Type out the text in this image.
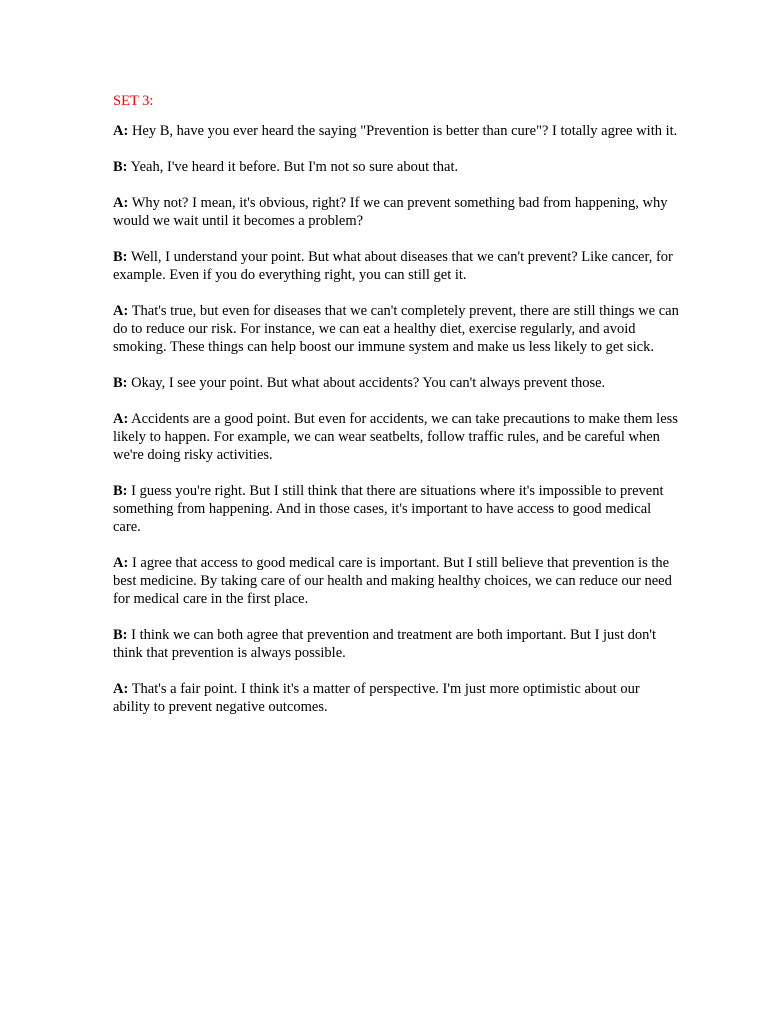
SET 3:

A: Hey B, have you ever heard the saying "Prevention is better than cure"? I totally agree with it.

B: Yeah, I've heard it before. But I'm not so sure about that.

A: Why not? I mean, it's obvious, right? If we can prevent something bad from happening, why would we wait until it becomes a problem?

B: Well, I understand your point. But what about diseases that we can't prevent? Like cancer, for example. Even if you do everything right, you can still get it.

A: That's true, but even for diseases that we can't completely prevent, there are still things we can do to reduce our risk. For instance, we can eat a healthy diet, exercise regularly, and avoid smoking. These things can help boost our immune system and make us less likely to get sick.

B: Okay, I see your point. But what about accidents? You can't always prevent those.

A: Accidents are a good point. But even for accidents, we can take precautions to make them less likely to happen. For example, we can wear seatbelts, follow traffic rules, and be careful when we're doing risky activities.

B: I guess you're right. But I still think that there are situations where it's impossible to prevent something from happening. And in those cases, it's important to have access to good medical care.

A: I agree that access to good medical care is important. But I still believe that prevention is the best medicine. By taking care of our health and making healthy choices, we can reduce our need for medical care in the first place.

B: I think we can both agree that prevention and treatment are both important. But I just don't think that prevention is always possible.

A: That's a fair point. I think it's a matter of perspective. I'm just more optimistic about our ability to prevent negative outcomes.
